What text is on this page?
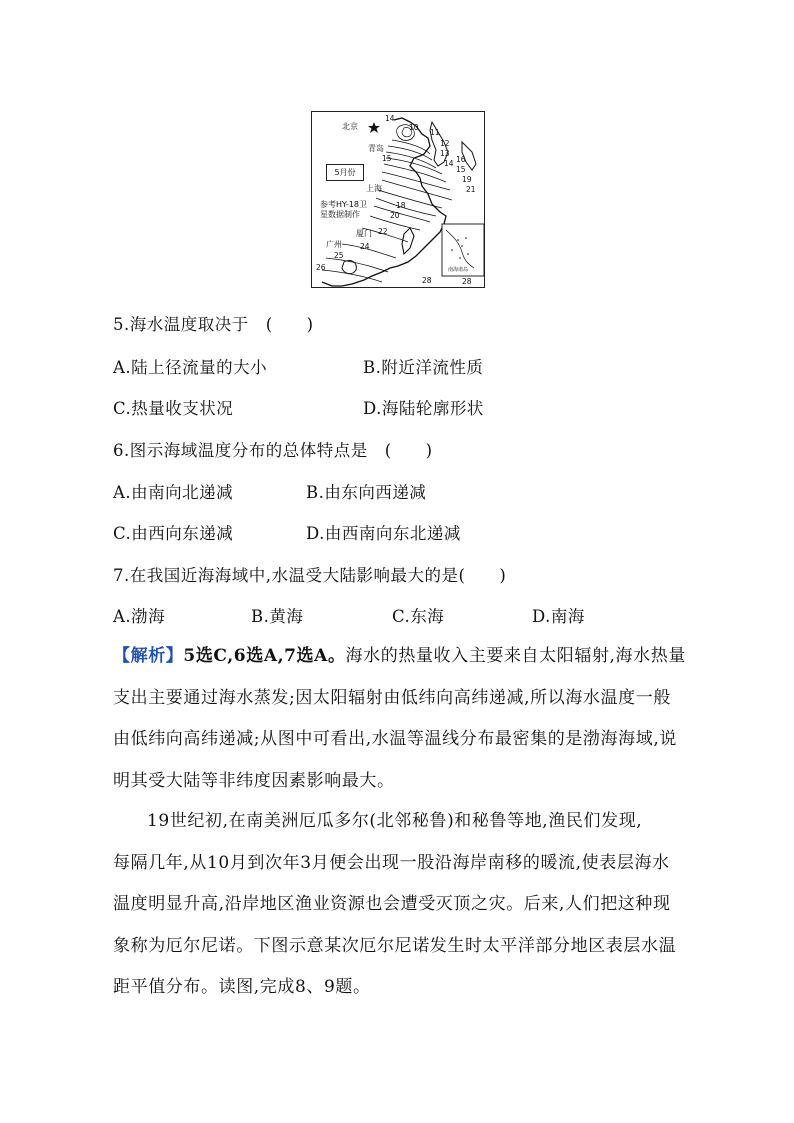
北京
青岛
上海
厦门
广州
5月份
参考HY-18卫
星数据制作
南海诸岛
14
10
11
12
13
15
14 16
15
19
21
18
20
22
24
25
26
28	28
5.海水温度取决于　(　　)
A.陆上径流量的大小	B.附近洋流性质
C.热量收支状况	D.海陆轮廓形状
6.图示海域温度分布的总体特点是　(　　)
A.由南向北递减	B.由东向西递减
C.由西向东递减	D.由西南向东北递减
7.在我国近海海域中,水温受大陆影响最大的是(　　)
A.渤海	B.黄海	C.东海	D.南海

【解析】5选C,6选A,7选A。海水的热量收入主要来自太阳辐射,海水热量支出主要通过海水蒸发;因太阳辐射由低纬向高纬递减,所以海水温度一般由低纬向高纬递减;从图中可看出,水温等温线分布最密集的是渤海海域,说明其受大陆等非纬度因素影响最大。

19世纪初,在南美洲厄瓜多尔(北邻秘鲁)和秘鲁等地,渔民们发现,
每隔几年,从10月到次年3月便会出现一股沿海岸南移的暖流,使表层海水温度明显升高,沿岸地区渔业资源也会遭受灭顶之灾。后来,人们把这种现象称为厄尔尼诺。下图示意某次厄尔尼诺发生时太平洋部分地区表层水温距平值分布。读图,完成8、9题。
